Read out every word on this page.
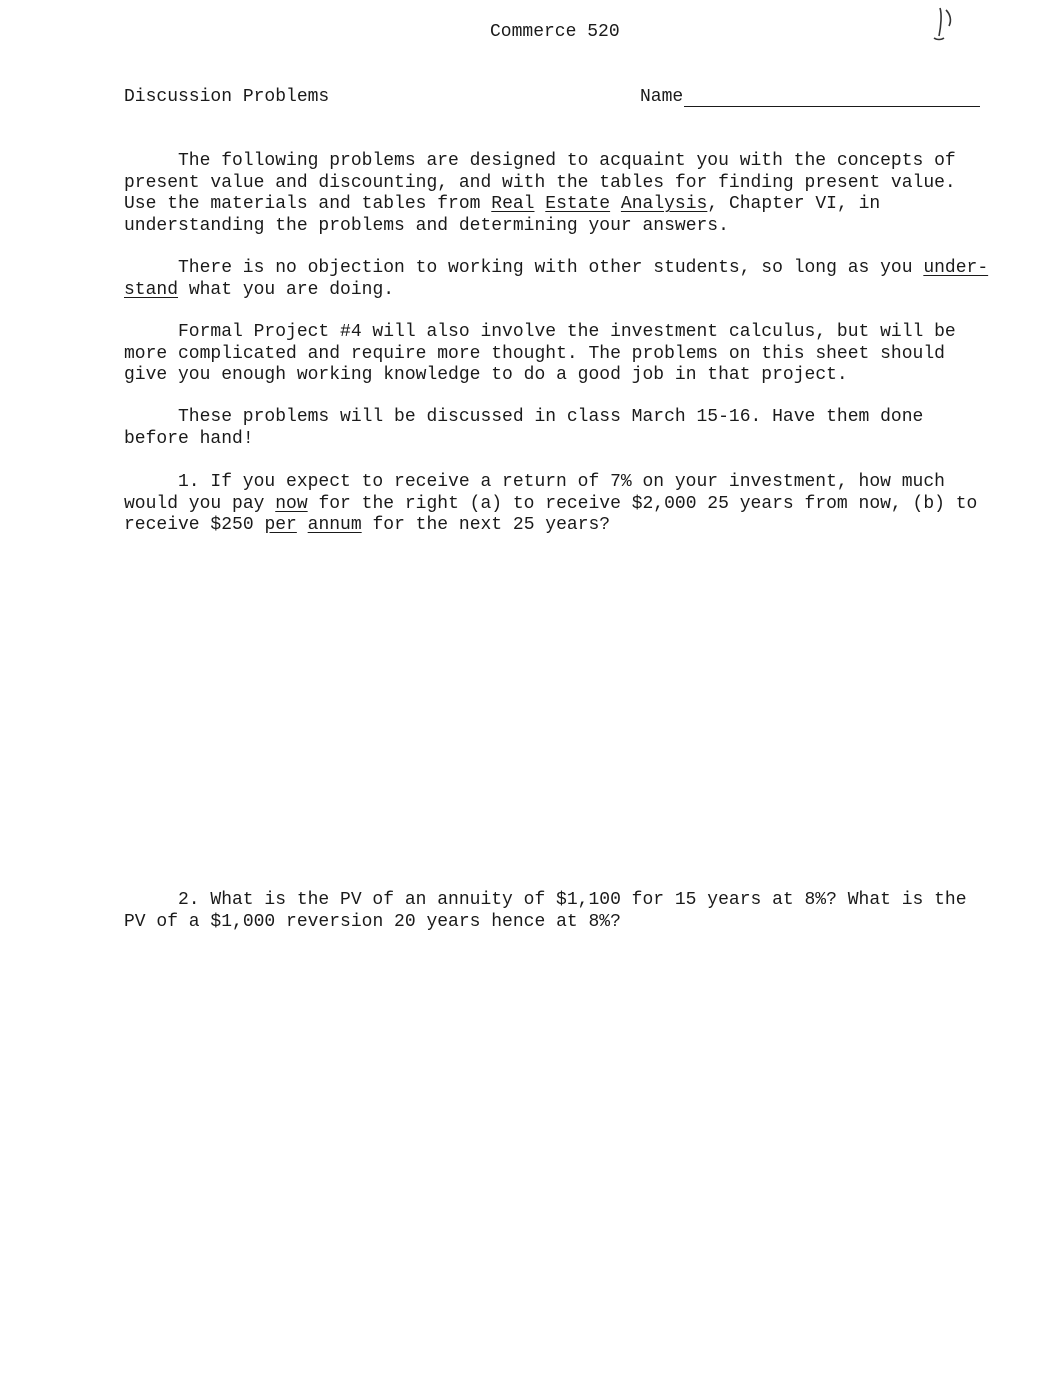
Commerce 520
Discussion Problems	Name
The following problems are designed to acquaint you with the concepts of
present value and discounting, and with the tables for finding present value.
Use the materials and tables from Real Estate Analysis, Chapter VI, in
understanding the problems and determining your answers.
There is no objection to working with other students, so long as you under-
stand what you are doing.
Formal Project #4 will also involve the investment calculus, but will be
more complicated and require more thought. The problems on this sheet should
give you enough working knowledge to do a good job in that project.
These problems will be discussed in class March 15-16. Have them done
before hand!
1. If you expect to receive a return of 7% on your investment, how much
would you pay now for the right (a) to receive $2,000 25 years from now, (b) to
receive $250 per annum for the next 25 years?
2. What is the PV of an annuity of $1,100 for 15 years at 8%? What is the
PV of a $1,000 reversion 20 years hence at 8%?
